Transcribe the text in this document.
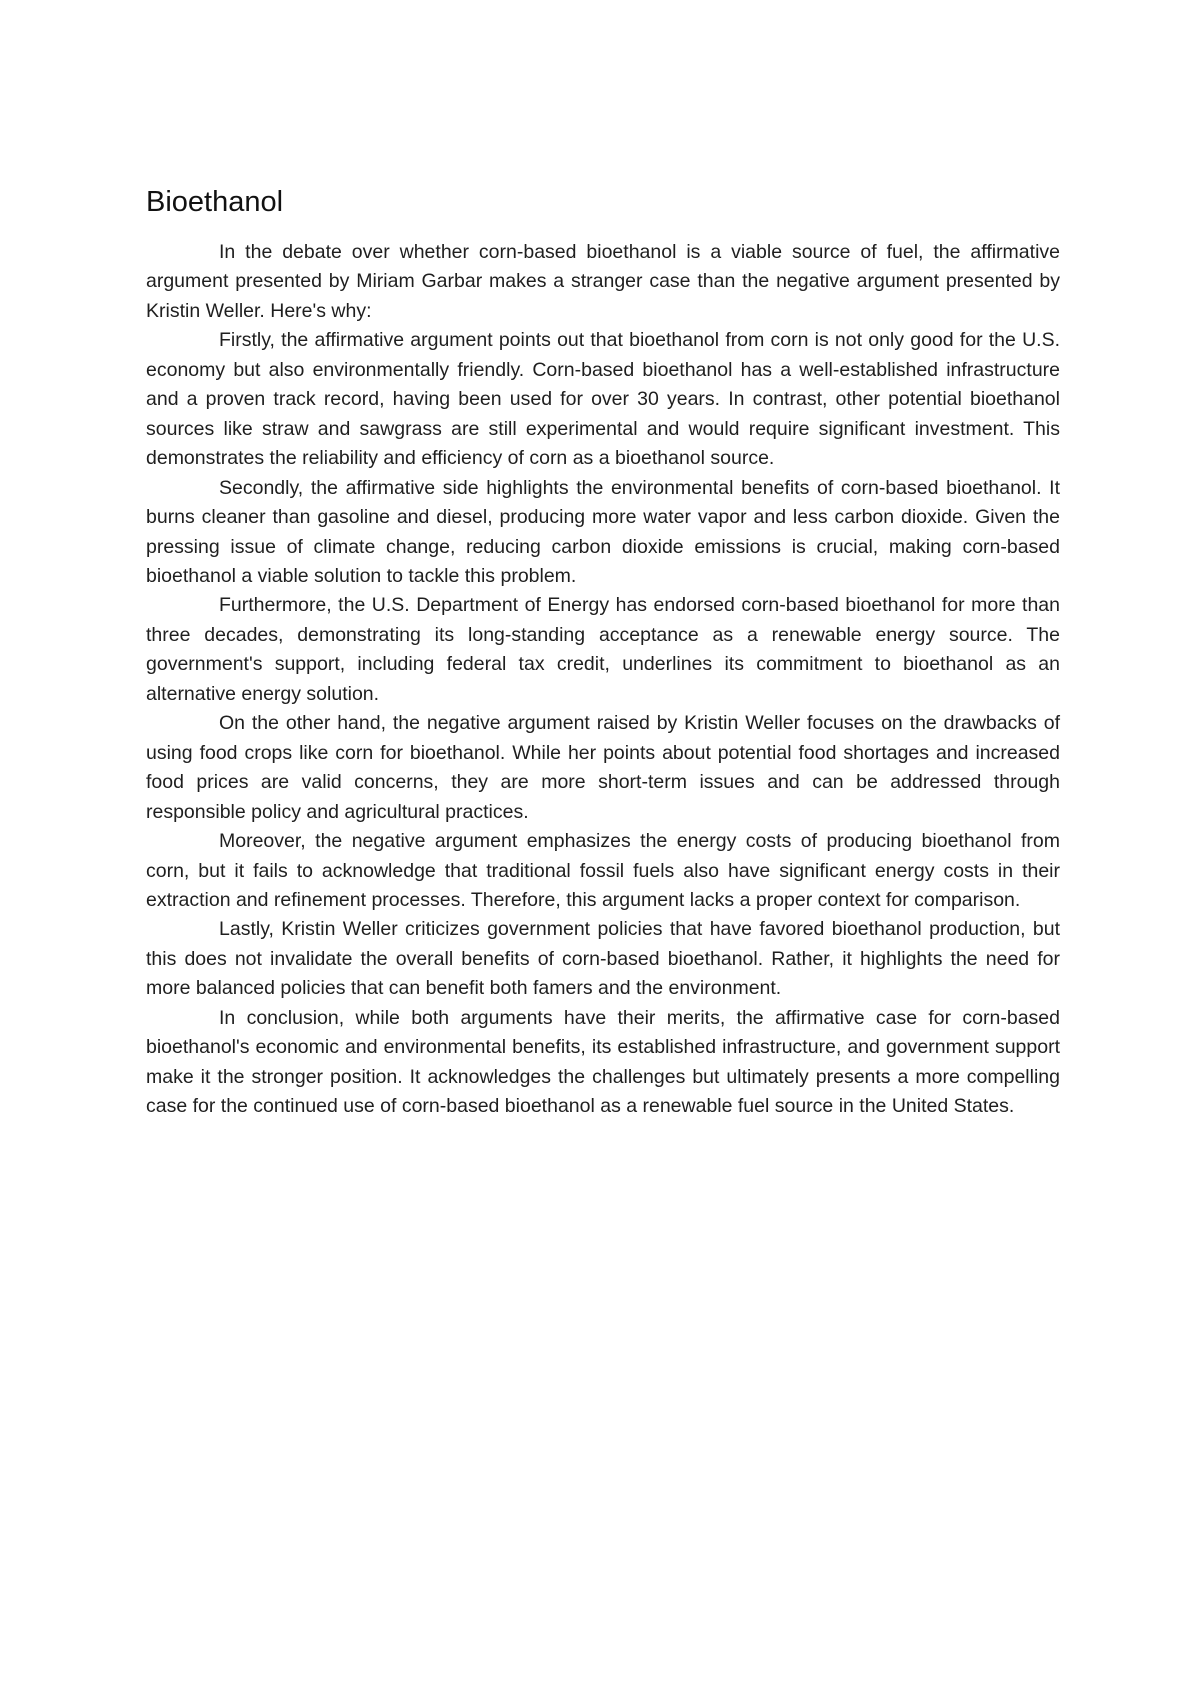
Bioethanol

In the debate over whether corn-based bioethanol is a viable source of fuel, the affirmative argument presented by Miriam Garbar makes a stranger case than the negative argument presented by Kristin Weller. Here's why:

Firstly, the affirmative argument points out that bioethanol from corn is not only good for the U.S. economy but also environmentally friendly. Corn-based bioethanol has a well-established infrastructure and a proven track record, having been used for over 30 years. In contrast, other potential bioethanol sources like straw and sawgrass are still experimental and would require significant investment. This demonstrates the reliability and efficiency of corn as a bioethanol source.

Secondly, the affirmative side highlights the environmental benefits of corn-based bioethanol. It burns cleaner than gasoline and diesel, producing more water vapor and less carbon dioxide. Given the pressing issue of climate change, reducing carbon dioxide emissions is crucial, making corn-based bioethanol a viable solution to tackle this problem.

Furthermore, the U.S. Department of Energy has endorsed corn-based bioethanol for more than three decades, demonstrating its long-standing acceptance as a renewable energy source. The government's support, including federal tax credit, underlines its commitment to bioethanol as an alternative energy solution.

On the other hand, the negative argument raised by Kristin Weller focuses on the drawbacks of using food crops like corn for bioethanol. While her points about potential food shortages and increased food prices are valid concerns, they are more short-term issues and can be addressed through responsible policy and agricultural practices.

Moreover, the negative argument emphasizes the energy costs of producing bioethanol from corn, but it fails to acknowledge that traditional fossil fuels also have significant energy costs in their extraction and refinement processes. Therefore, this argument lacks a proper context for comparison.

Lastly, Kristin Weller criticizes government policies that have favored bioethanol production, but this does not invalidate the overall benefits of corn-based bioethanol. Rather, it highlights the need for more balanced policies that can benefit both famers and the environment.

In conclusion, while both arguments have their merits, the affirmative case for corn-based bioethanol's economic and environmental benefits, its established infrastructure, and government support make it the stronger position. It acknowledges the challenges but ultimately presents a more compelling case for the continued use of corn-based bioethanol as a renewable fuel source in the United States.
